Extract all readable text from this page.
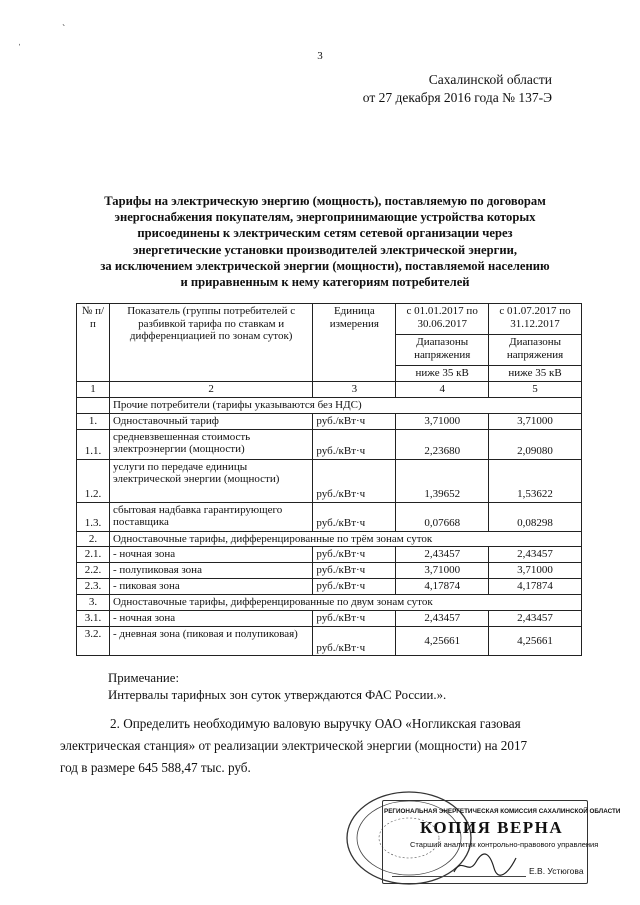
ˌ
ˋ
3
Сахалинской области
от 27 декабря 2016 года № 137-Э
Тарифы на электрическую энергию (мощность), поставляемую по договорам
энергоснабжения покупателям, энергопринимающие устройства которых
присоединены к электрическим сетям сетевой организации через
энергетические установки производителей электрической энергии,
за исключением электрической энергии (мощности), поставляемой населению
и приравненным к нему категориям потребителей
№ п/п	Показатель (группы потребителей с разбивкой тарифа по ставкам и дифференциацией по зонам суток)	Единица измерения	с 01.01.2017 по 30.06.2017	с 01.07.2017 по 31.12.2017
			Диапазоны напряжения	Диапазоны напряжения
			ниже 35 кВ	ниже 35 кВ
1	2	3	4	5
	Прочие потребители (тарифы указываются без НДС)			
1.	Одноставочный тариф	руб./кВт·ч	3,71000	3,71000
1.1.	средневзвешенная стоимость электроэнергии (мощности)	руб./кВт·ч	2,23680	2,09080
1.2.	услуги по передаче единицы электрической энергии (мощности)	руб./кВт·ч	1,39652	1,53622
1.3.	сбытовая надбавка гарантирующего поставщика	руб./кВт·ч	0,07668	0,08298
2.	Одноставочные тарифы, дифференцированные по трём зонам суток			
2.1.	- ночная зона	руб./кВт·ч	2,43457	2,43457
2.2.	- полупиковая зона	руб./кВт·ч	3,71000	3,71000
2.3.	- пиковая зона	руб./кВт·ч	4,17874	4,17874
3.	Одноставочные тарифы, дифференцированные по двум зонам суток			
3.1.	- ночная зона	руб./кВт·ч	2,43457	2,43457
3.2.	- дневная зона (пиковая и полупиковая)	руб./кВт·ч	4,25661	4,25661
Примечание:
Интервалы тарифных зон суток утверждаются ФАС России.».
2. Определить необходимую валовую выручку ОАО «Ногликская газовая
электрическая станция» от реализации электрической энергии (мощности) на 2017
год в размере 645 588,47 тыс. руб.
РЕГИОНАЛЬНАЯ ЭНЕРГЕТИЧЕСКАЯ КОМИССИЯ САХАЛИНСКОЙ ОБЛАСТИ
КОПИЯ ВЕРНА
Старший аналитик контрольно-правового управления
Е.В. Устюгова
